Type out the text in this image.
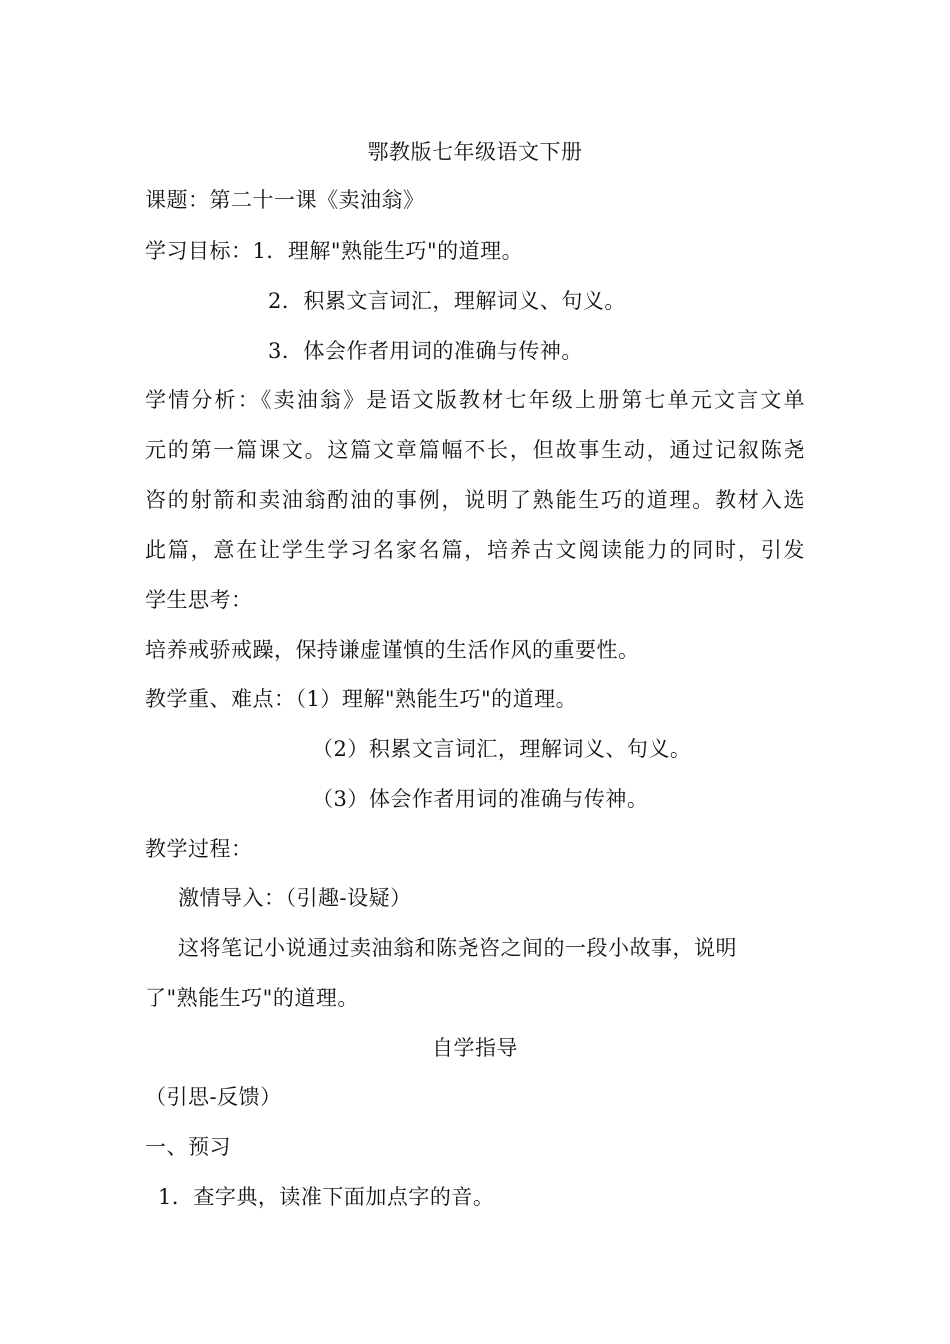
鄂教版七年级语文下册
课题：第二十一课《卖油翁》
学习目标：1．理解"熟能生巧"的道理。
2．积累文言词汇，理解词义、句义。
3．体会作者用词的准确与传神。
学情分析：《卖油翁》是语文版教材七年级上册第七单元文言文单
元的第一篇课文。这篇文章篇幅不长，但故事生动，通过记叙陈尧
咨的射箭和卖油翁酌油的事例，说明了熟能生巧的道理。教材入选
此篇，意在让学生学习名家名篇，培养古文阅读能力的同时，引发
学生思考：
培养戒骄戒躁，保持谦虚谨慎的生活作风的重要性。
教学重、难点：（1）理解"熟能生巧"的道理。
（2）积累文言词汇，理解词义、句义。
（3）体会作者用词的准确与传神。
教学过程：
激情导入：（引趣-设疑）
这将笔记小说通过卖油翁和陈尧咨之间的一段小故事，说明
了"熟能生巧"的道理。
自学指导
（引思-反馈）
一、预习
1．查字典，读准下面加点字的音。
